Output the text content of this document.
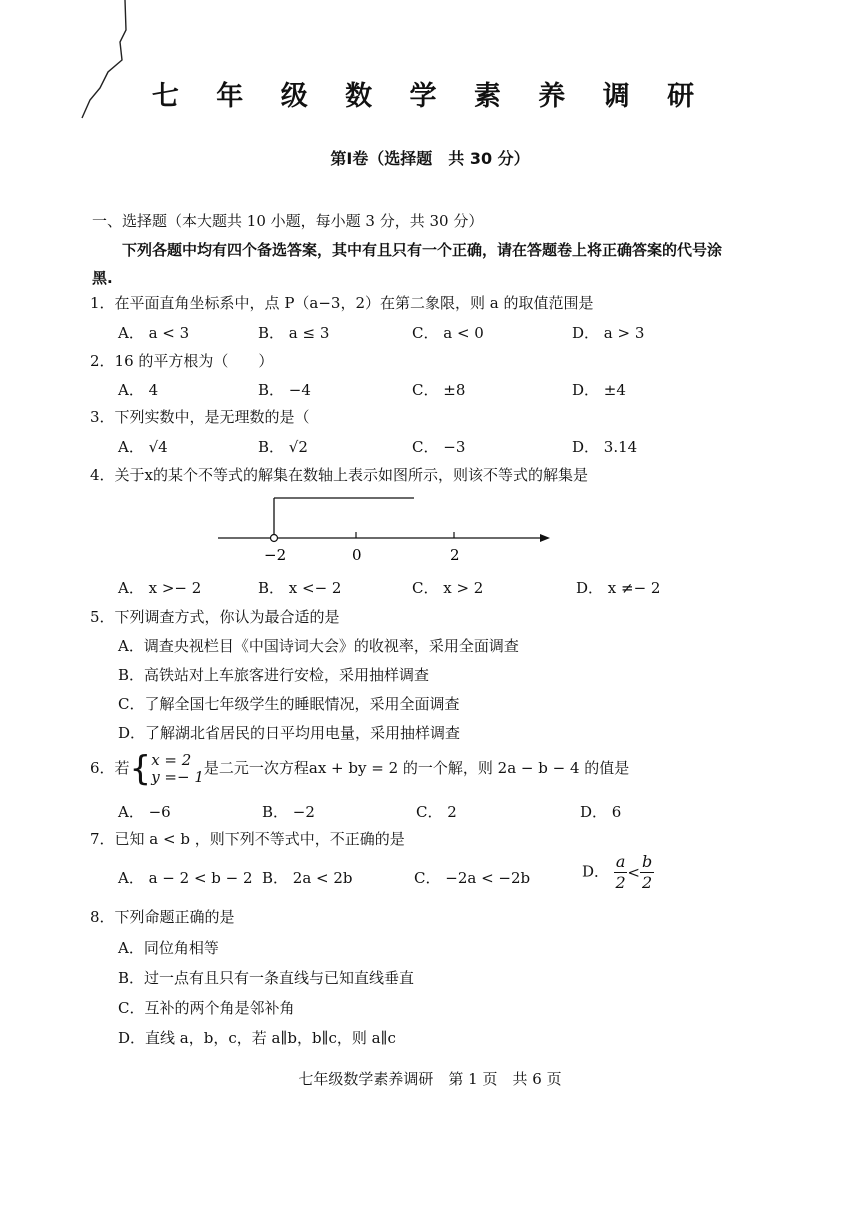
七 年 级 数 学 素 养 调 研
第Ⅰ卷（选择题　共 30 分）
一、选择题（本大题共 10 小题，每小题 3 分，共 30 分）
下列各题中均有四个备选答案，其中有且只有一个正确，请在答题卷上将正确答案的代号涂黑.
1．在平面直角坐标系中，点 P（a−3，2）在第二象限，则 a 的取值范围是
A． a < 3	B． a ≤ 3	C． a < 0	D． a > 3
2．16 的平方根为（　　）
A． 4	B． −4	C． ±8	D． ±4
3．下列实数中，是无理数的是（
A． √4	B． √2	C． −3	D． 3.14
4．关于x的某个不等式的解集在数轴上表示如图所示，则该不等式的解集是
−2	0	2
A． x >− 2	B． x <− 2	C． x > 2	D． x ≠− 2
5．下列调查方式，你认为最合适的是
A．调查央视栏目《中国诗词大会》的收视率，采用全面调查
B．高铁站对上车旅客进行安检，采用抽样调查
C．了解全国七年级学生的睡眠情况，采用全面调查
D．了解湖北省居民的日平均用电量，采用抽样调查
6．若{ x = 2
y =− 1 是二元一次方程ax + by = 2 的一个解，则 2a − b − 4 的值是
A． −6	B． −2	C． 2	D． 6
7．已知 a < b ，则下列不等式中，不正确的是
A． a − 2 < b − 2 B． 2a < 2b	C． −2a < −2b	D． $\frac{a}{2} < \frac{b}{2}$
8．下列命题正确的是
A．同位角相等
B．过一点有且只有一条直线与已知直线垂直
C．互补的两个角是邻补角
D．直线 a，b，c，若 a∥b，b∥c，则 a∥c
七年级数学素养调研　第 1 页　共 6 页
